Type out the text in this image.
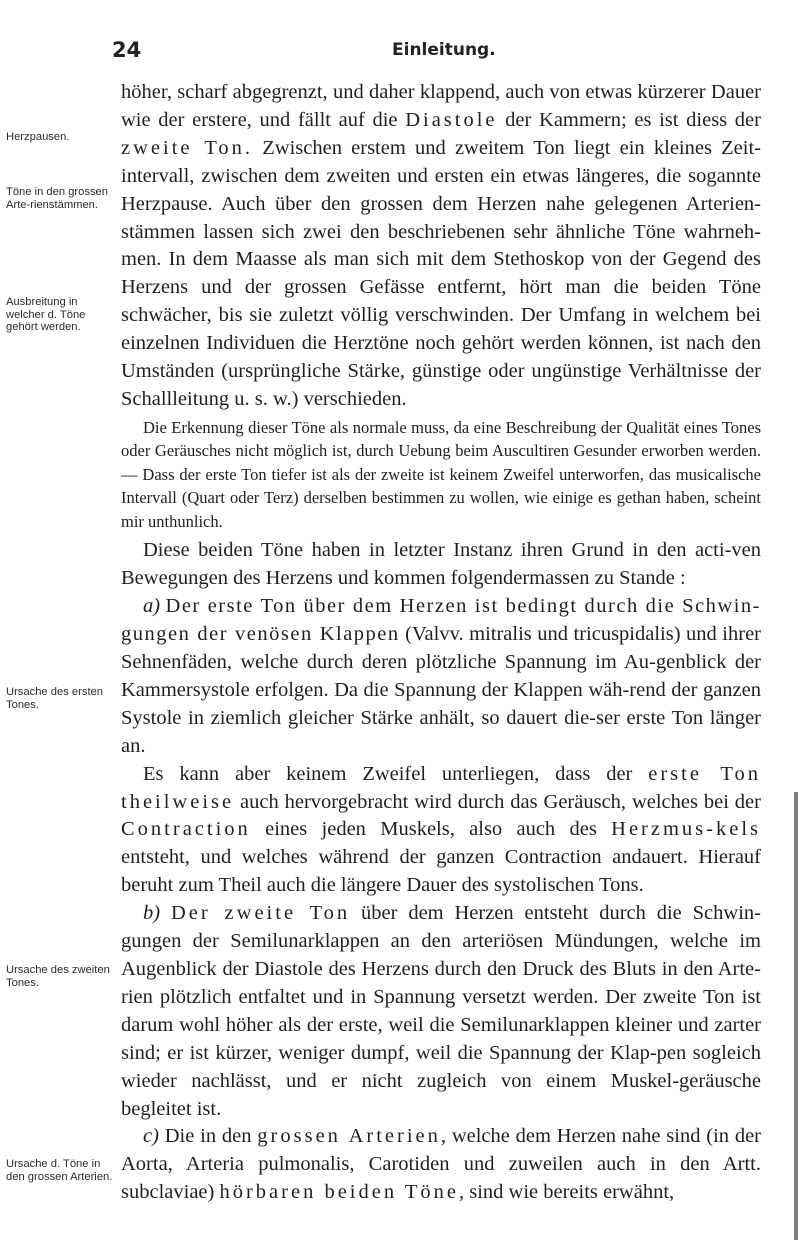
24	Einleitung.
Herzpausen.
Töne in den grossen Arte-rienstämmen.
Ausbreitung in welcher d. Töne gehört werden.
Ursache des ersten Tones.
Ursache des zweiten Tones.
Ursache d. Töne in den grossen Arterien.

höher, scharf abgegrenzt, und daher klappend, auch von etwas kürzerer Dauer wie der erstere, und fällt auf die Diastole der Kammern; es ist diess der zweite Ton. Zwischen erstem und zweitem Ton liegt ein kleines Zeit-intervall, zwischen dem zweiten und ersten ein etwas längeres, die sogannte Herzpause. Auch über den grossen dem Herzen nahe gelegenen Arterien-stämmen lassen sich zwei den beschriebenen sehr ähnliche Töne wahrneh-men. In dem Maasse als man sich mit dem Stethoskop von der Gegend des Herzens und der grossen Gefässe entfernt, hört man die beiden Töne schwächer, bis sie zuletzt völlig verschwinden. Der Umfang in welchem bei einzelnen Individuen die Herztöne noch gehört werden können, ist nach den Umständen (ursprüngliche Stärke, günstige oder ungünstige Verhältnisse der Schallleitung u. s. w.) verschieden.

Die Erkennung dieser Töne als normale muss, da eine Beschreibung der Qualität eines Tones oder Geräusches nicht möglich ist, durch Uebung beim Auscultiren Gesunder erworben werden. — Dass der erste Ton tiefer ist als der zweite ist keinem Zweifel unterworfen, das musicalische Intervall (Quart oder Terz) derselben bestimmen zu wollen, wie einige es gethan haben, scheint mir unthunlich.

Diese beiden Töne haben in letzter Instanz ihren Grund in den acti-ven Bewegungen des Herzens und kommen folgendermassen zu Stande :

a) Der erste Ton über dem Herzen ist bedingt durch die Schwin-gungen der venösen Klappen (Valvv. mitralis und tricuspidalis) und ihrer Sehnenfäden, welche durch deren plötzliche Spannung im Au-genblick der Kammersystole erfolgen. Da die Spannung der Klappen wäh-rend der ganzen Systole in ziemlich gleicher Stärke anhält, so dauert die-ser erste Ton länger an.

Es kann aber keinem Zweifel unterliegen, dass der erste Ton theilweise auch hervorgebracht wird durch das Geräusch, welches bei der Contraction eines jeden Muskels, also auch des Herzmus-kels entsteht, und welches während der ganzen Contraction andauert. Hierauf beruht zum Theil auch die längere Dauer des systolischen Tons.

b) Der zweite Ton über dem Herzen entsteht durch die Schwin-gungen der Semilunarklappen an den arteriösen Mündungen, welche im Augenblick der Diastole des Herzens durch den Druck des Bluts in den Arte-rien plötzlich entfaltet und in Spannung versetzt werden. Der zweite Ton ist darum wohl höher als der erste, weil die Semilunarklappen kleiner und zarter sind; er ist kürzer, weniger dumpf, weil die Spannung der Klap-pen sogleich wieder nachlässt, und er nicht zugleich von einem Muskel-geräusche begleitet ist.

c) Die in den grossen Arterien, welche dem Herzen nahe sind (in der Aorta, Arteria pulmonalis, Carotiden und zuweilen auch in den Artt. subclaviae) hörbaren beiden Töne, sind wie bereits erwähnt,
